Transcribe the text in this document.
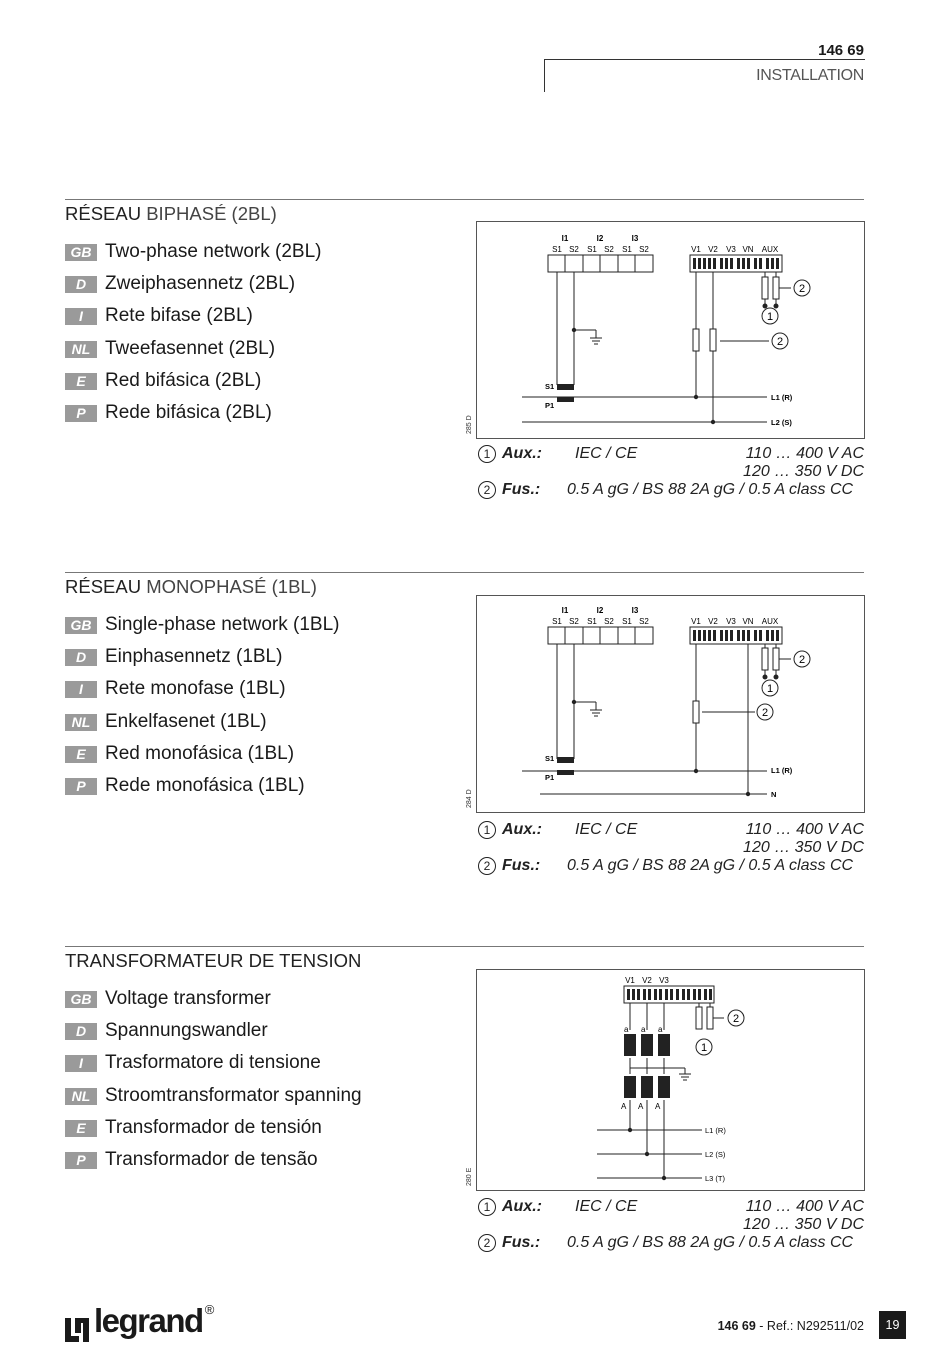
146 69
INSTALLATION
RÉSEAU BIPHASÉ (2BL)
GB Two-phase network (2BL)
D Zweiphasennetz (2BL)
I	Rete bifase (2BL)
NL Tweefasennet (2BL)
E	Red bifásica (2BL)
P	Rede bifásica (2BL)
285 D
I1	I2	I3
S1 S2 S1 S2 S1 S2	V1 V2 V3 VN AUX
S1
P1
L1 (R)
L2 (S)
2
1
2
1 Aux.: IEC / CE	110 … 400 V AC
120 … 350 V DC
2 Fus.: 0.5 A gG / BS 88 2A gG / 0.5 A class CC
RÉSEAU MONOPHASÉ (1BL)
GB Single-phase network (1BL)
D Einphasennetz (1BL)
I	Rete monofase (1BL)
NL Enkelfasenet (1BL)
E	Red monofásica (1BL)
P	Rede monofásica (1BL)
284 D
I1	I2	I3
S1 S2 S1 S2 S1 S2	V1 V2 V3 VN AUX
S1
P1
L1 (R)
N
2
1
2
1 Aux.: IEC / CE	110 … 400 V AC
120 … 350 V DC
2 Fus.: 0.5 A gG / BS 88 2A gG / 0.5 A class CC
TRANSFORMATEUR DE TENSION
GB Voltage transformer
D Spannungswandler
I	Trasformatore di tensione
NL Stroomtransformator spanning
E	Transformador de tensión
P	Transformador de tensão
280 E
V1 V2 V3
a a a
A A A
L1 (R)
L2 (S)
L3 (T)
2
1
1 Aux.: IEC / CE	110 … 400 V AC
120 … 350 V DC
2 Fus.: 0.5 A gG / BS 88 2A gG / 0.5 A class CC
legrand ®
146 69 - Ref.: N292511/02	19
